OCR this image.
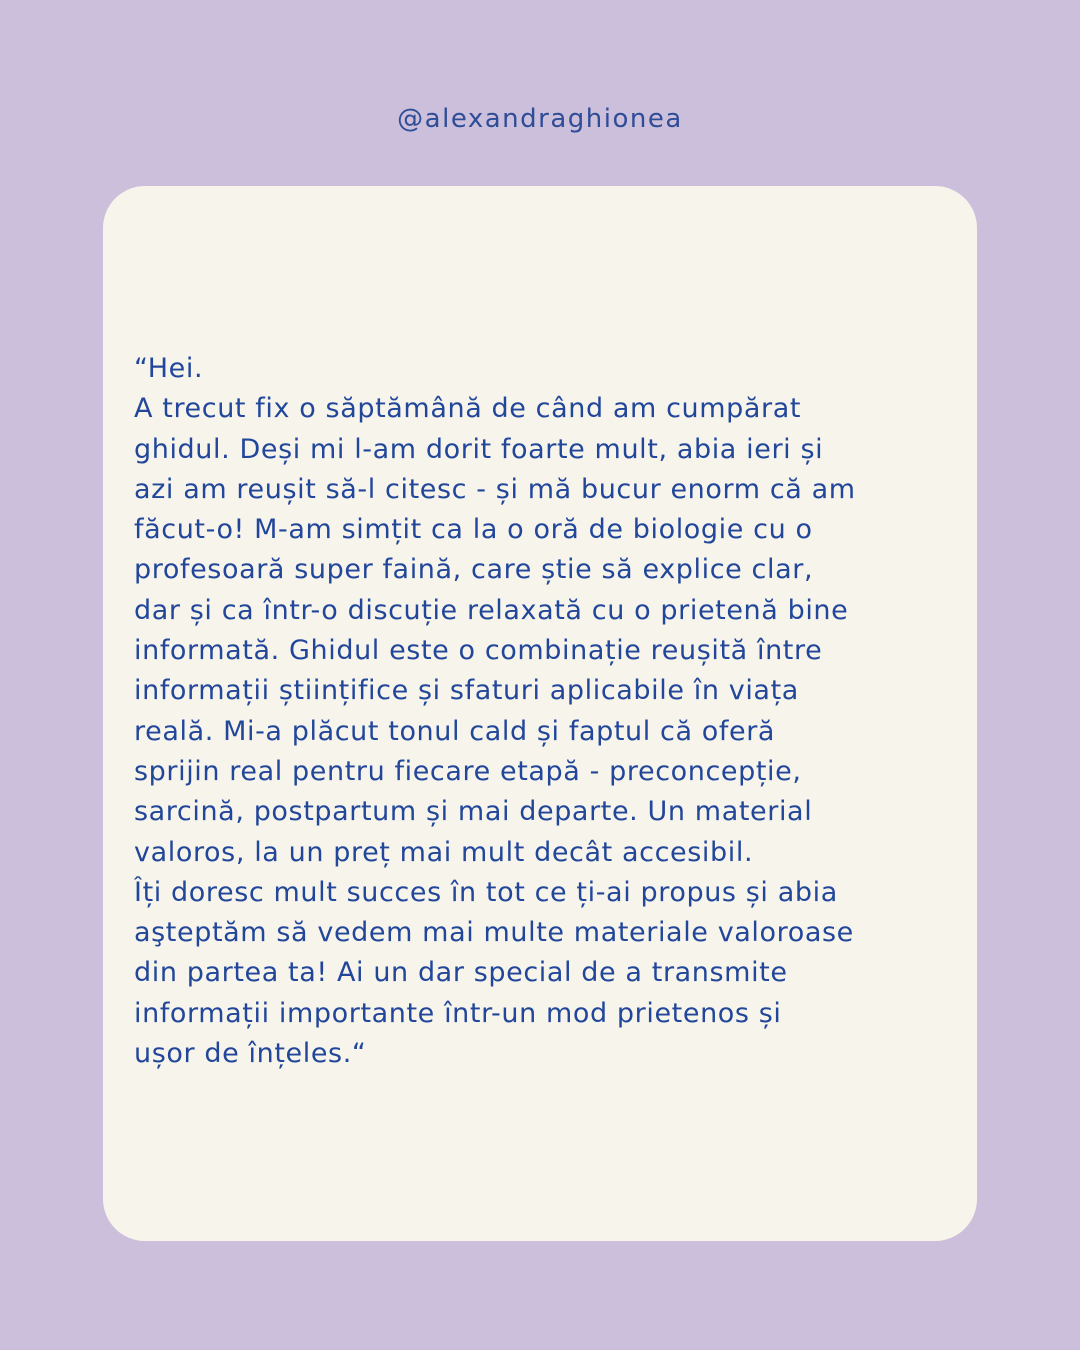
@alexandraghionea

“Hei.
A trecut fix o săptămână de când am cumpărat
ghidul. Deși mi l-am dorit foarte mult, abia ieri și
azi am reușit să-l citesc - și mă bucur enorm că am
făcut-o! M-am simțit ca la o oră de biologie cu o
profesoară super faină, care știe să explice clar,
dar și ca într-o discuție relaxată cu o prietenă bine
informată. Ghidul este o combinație reușită între
informații științifice și sfaturi aplicabile în viața
reală. Mi-a plăcut tonul cald și faptul că oferă
sprijin real pentru fiecare etapă - preconcepție,
sarcină, postpartum și mai departe. Un material
valoros, la un preț mai mult decât accesibil.
Îți doresc mult succes în tot ce ți-ai propus și abia
aşteptăm să vedem mai multe materiale valoroase
din partea ta! Ai un dar special de a transmite
informații importante într-un mod prietenos și
ușor de înțeles.“
